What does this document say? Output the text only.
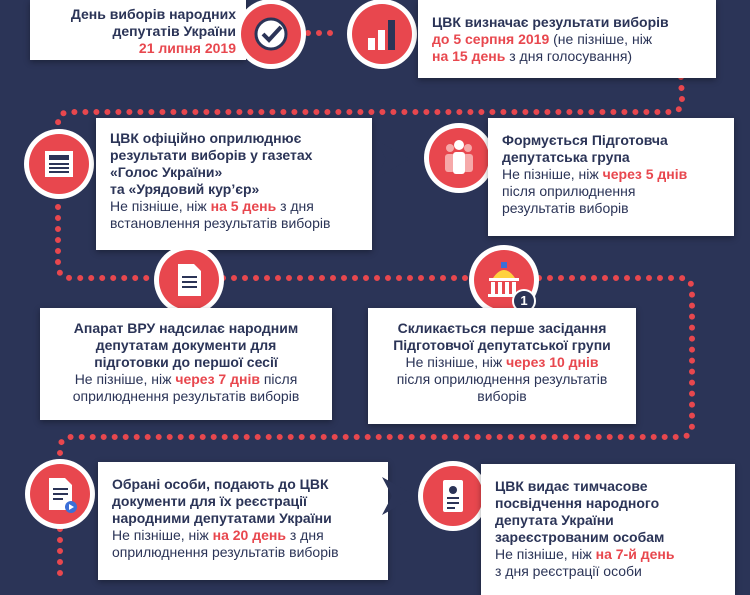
День виборів народних

депутатів України

21 липня 2019

ЦВК визначає результати виборів

до 5 серпня 2019 (не пізніше, ніж

на 15 день з дня голосування)

ЦВК офіційно оприлюднює

результати виборів у газетах

«Голос України»

та «Урядовий кур’єр»

Не пізніше, ніж на 5 день з дня

встановлення результатів виборів

Формується Підготовча

депутатська група

Не пізніше, ніж через 5 днів

після оприлюднення

результатів виборів

Апарат ВРУ надсилає народним

депутатам документи для

підготовки до першої сесії

Не пізніше, ніж через 7 днів після

оприлюднення результатів виборів

1

Скликається перше засідання

Підготовчої депутатської групи

Не пізніше, ніж через 10 днів

після оприлюднення результатів

виборів

Обрані особи, подають до ЦВК

документи для їх реєстрації

народними депутатами України

Не пізніше, ніж на 20 день з дня

оприлюднення результатів виборів

ЦВК видає тимчасове

посвідчення народного

депутата України

зареєстрованим особам

Не пізніше, ніж на 7-й день

з дня реєстрації особи
